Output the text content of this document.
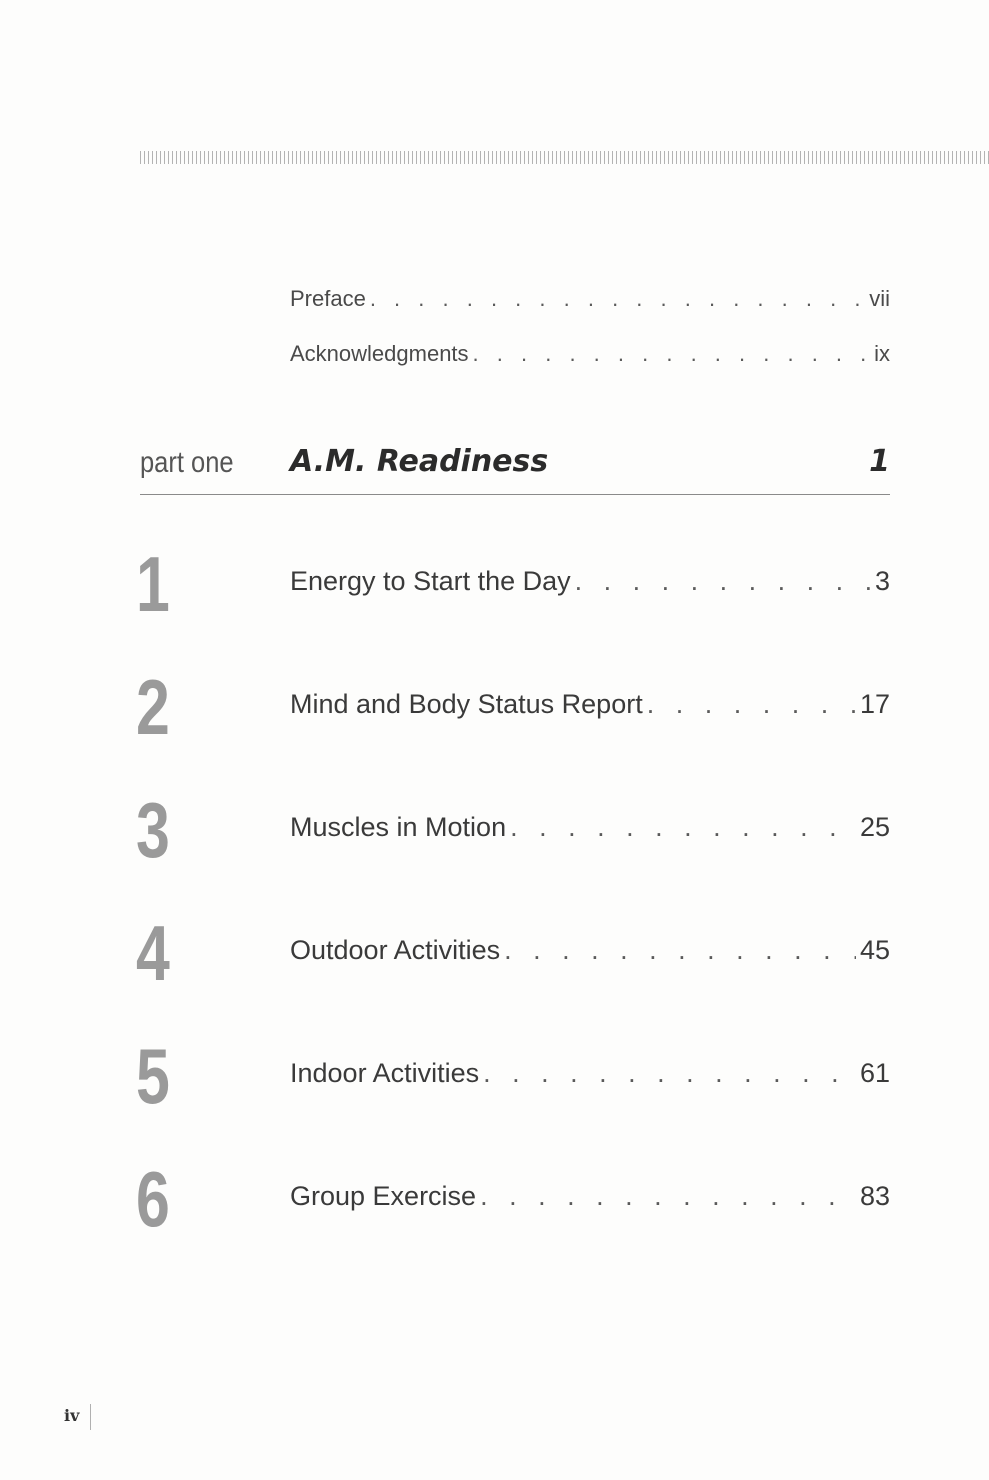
Preface . . .	vii
Acknowledgments . . .	ix
part one A.M. Readiness	1
1	Energy to Start the Day . . .	3
2	Mind and Body Status Report . . .	17
3	Muscles in Motion . . .	25
4	Outdoor Activities . . .	45
5	Indoor Activities . . .	61
6	Group Exercise . . .	83
iv
